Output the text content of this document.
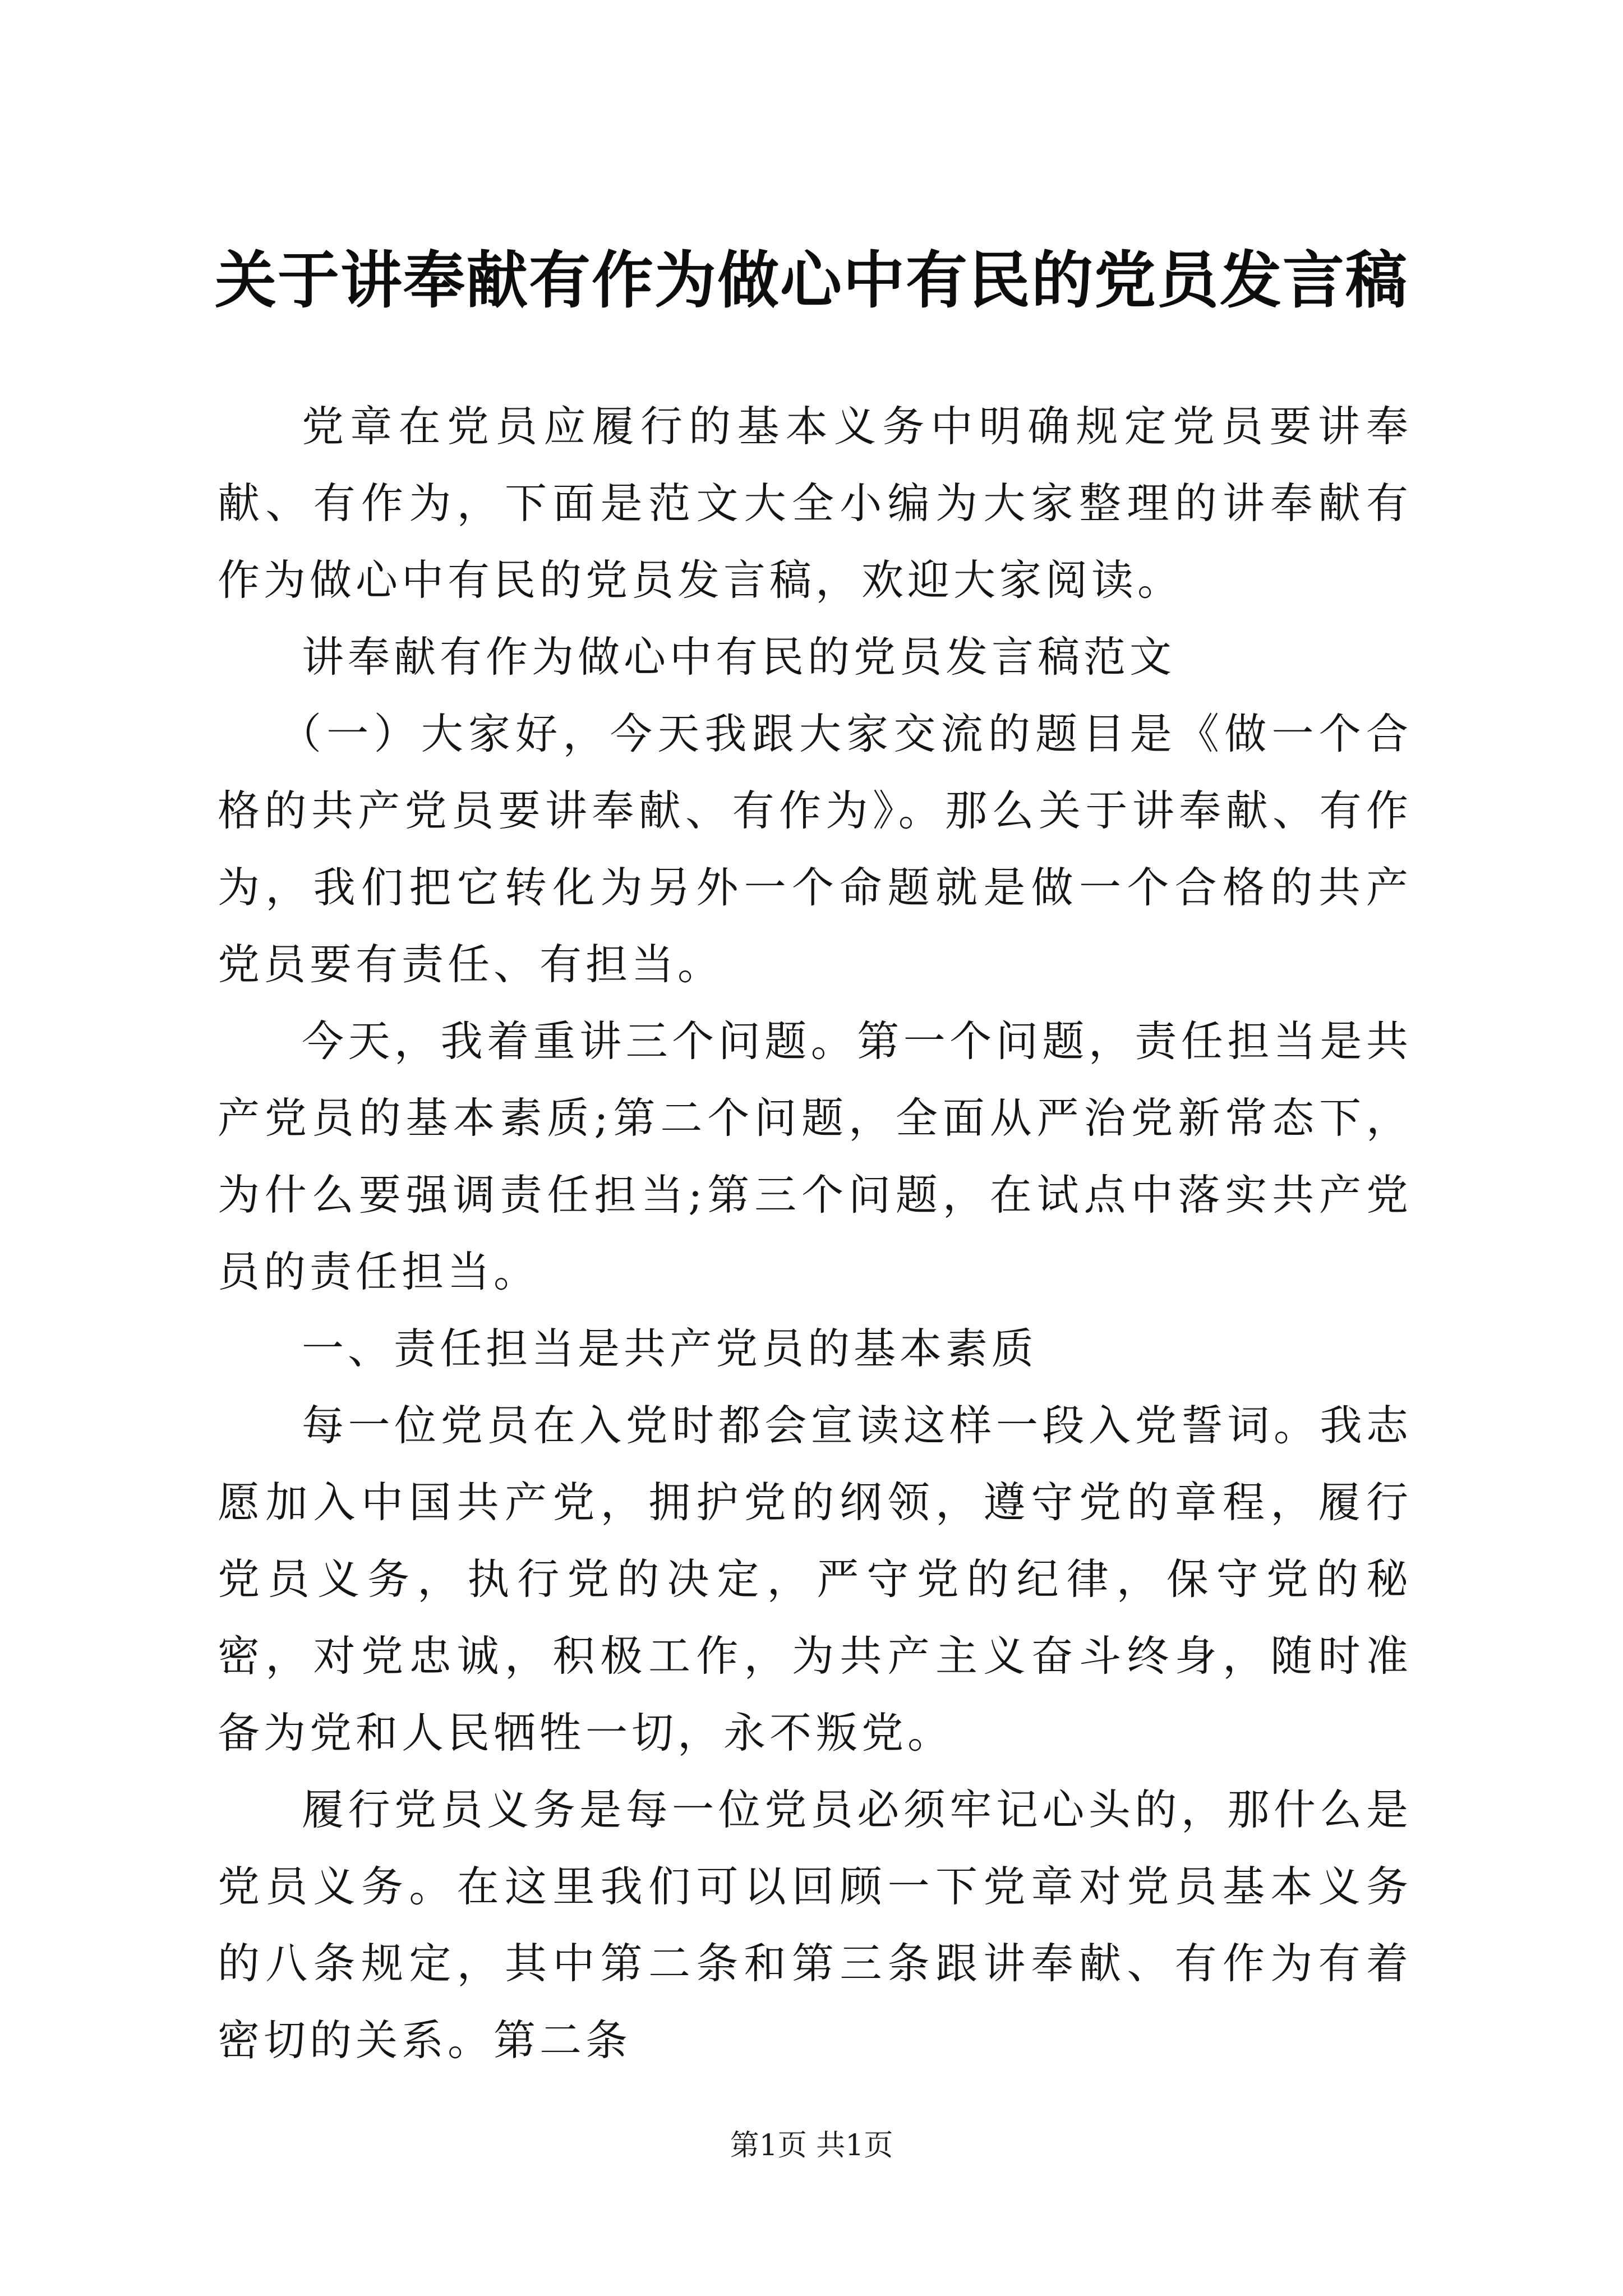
关于讲奉献有作为做心中有民的党员发言稿

党章在党员应履行的基本义务中明确规定党员要讲奉献、有作为，下面是范文大全小编为大家整理的讲奉献有作为做心中有民的党员发言稿，欢迎大家阅读。

讲奉献有作为做心中有民的党员发言稿范文

（一）大家好，今天我跟大家交流的题目是《做一个合格的共产党员要讲奉献、有作为》。那么关于讲奉献、有作为，我们把它转化为另外一个命题就是做一个合格的共产党员要有责任、有担当。

今天，我着重讲三个问题。第一个问题，责任担当是共产党员的基本素质;第二个问题，全面从严治党新常态下，为什么要强调责任担当;第三个问题，在试点中落实共产党员的责任担当。

一、责任担当是共产党员的基本素质

每一位党员在入党时都会宣读这样一段入党誓词。我志愿加入中国共产党，拥护党的纲领，遵守党的章程，履行党员义务，执行党的决定，严守党的纪律，保守党的秘密，对党忠诚，积极工作，为共产主义奋斗终身，随时准备为党和人民牺牲一切，永不叛党。

履行党员义务是每一位党员必须牢记心头的，那什么是党员义务。在这里我们可以回顾一下党章对党员基本义务的八条规定，其中第二条和第三条跟讲奉献、有作为有着密切的关系。第二条

第1页 共1页
